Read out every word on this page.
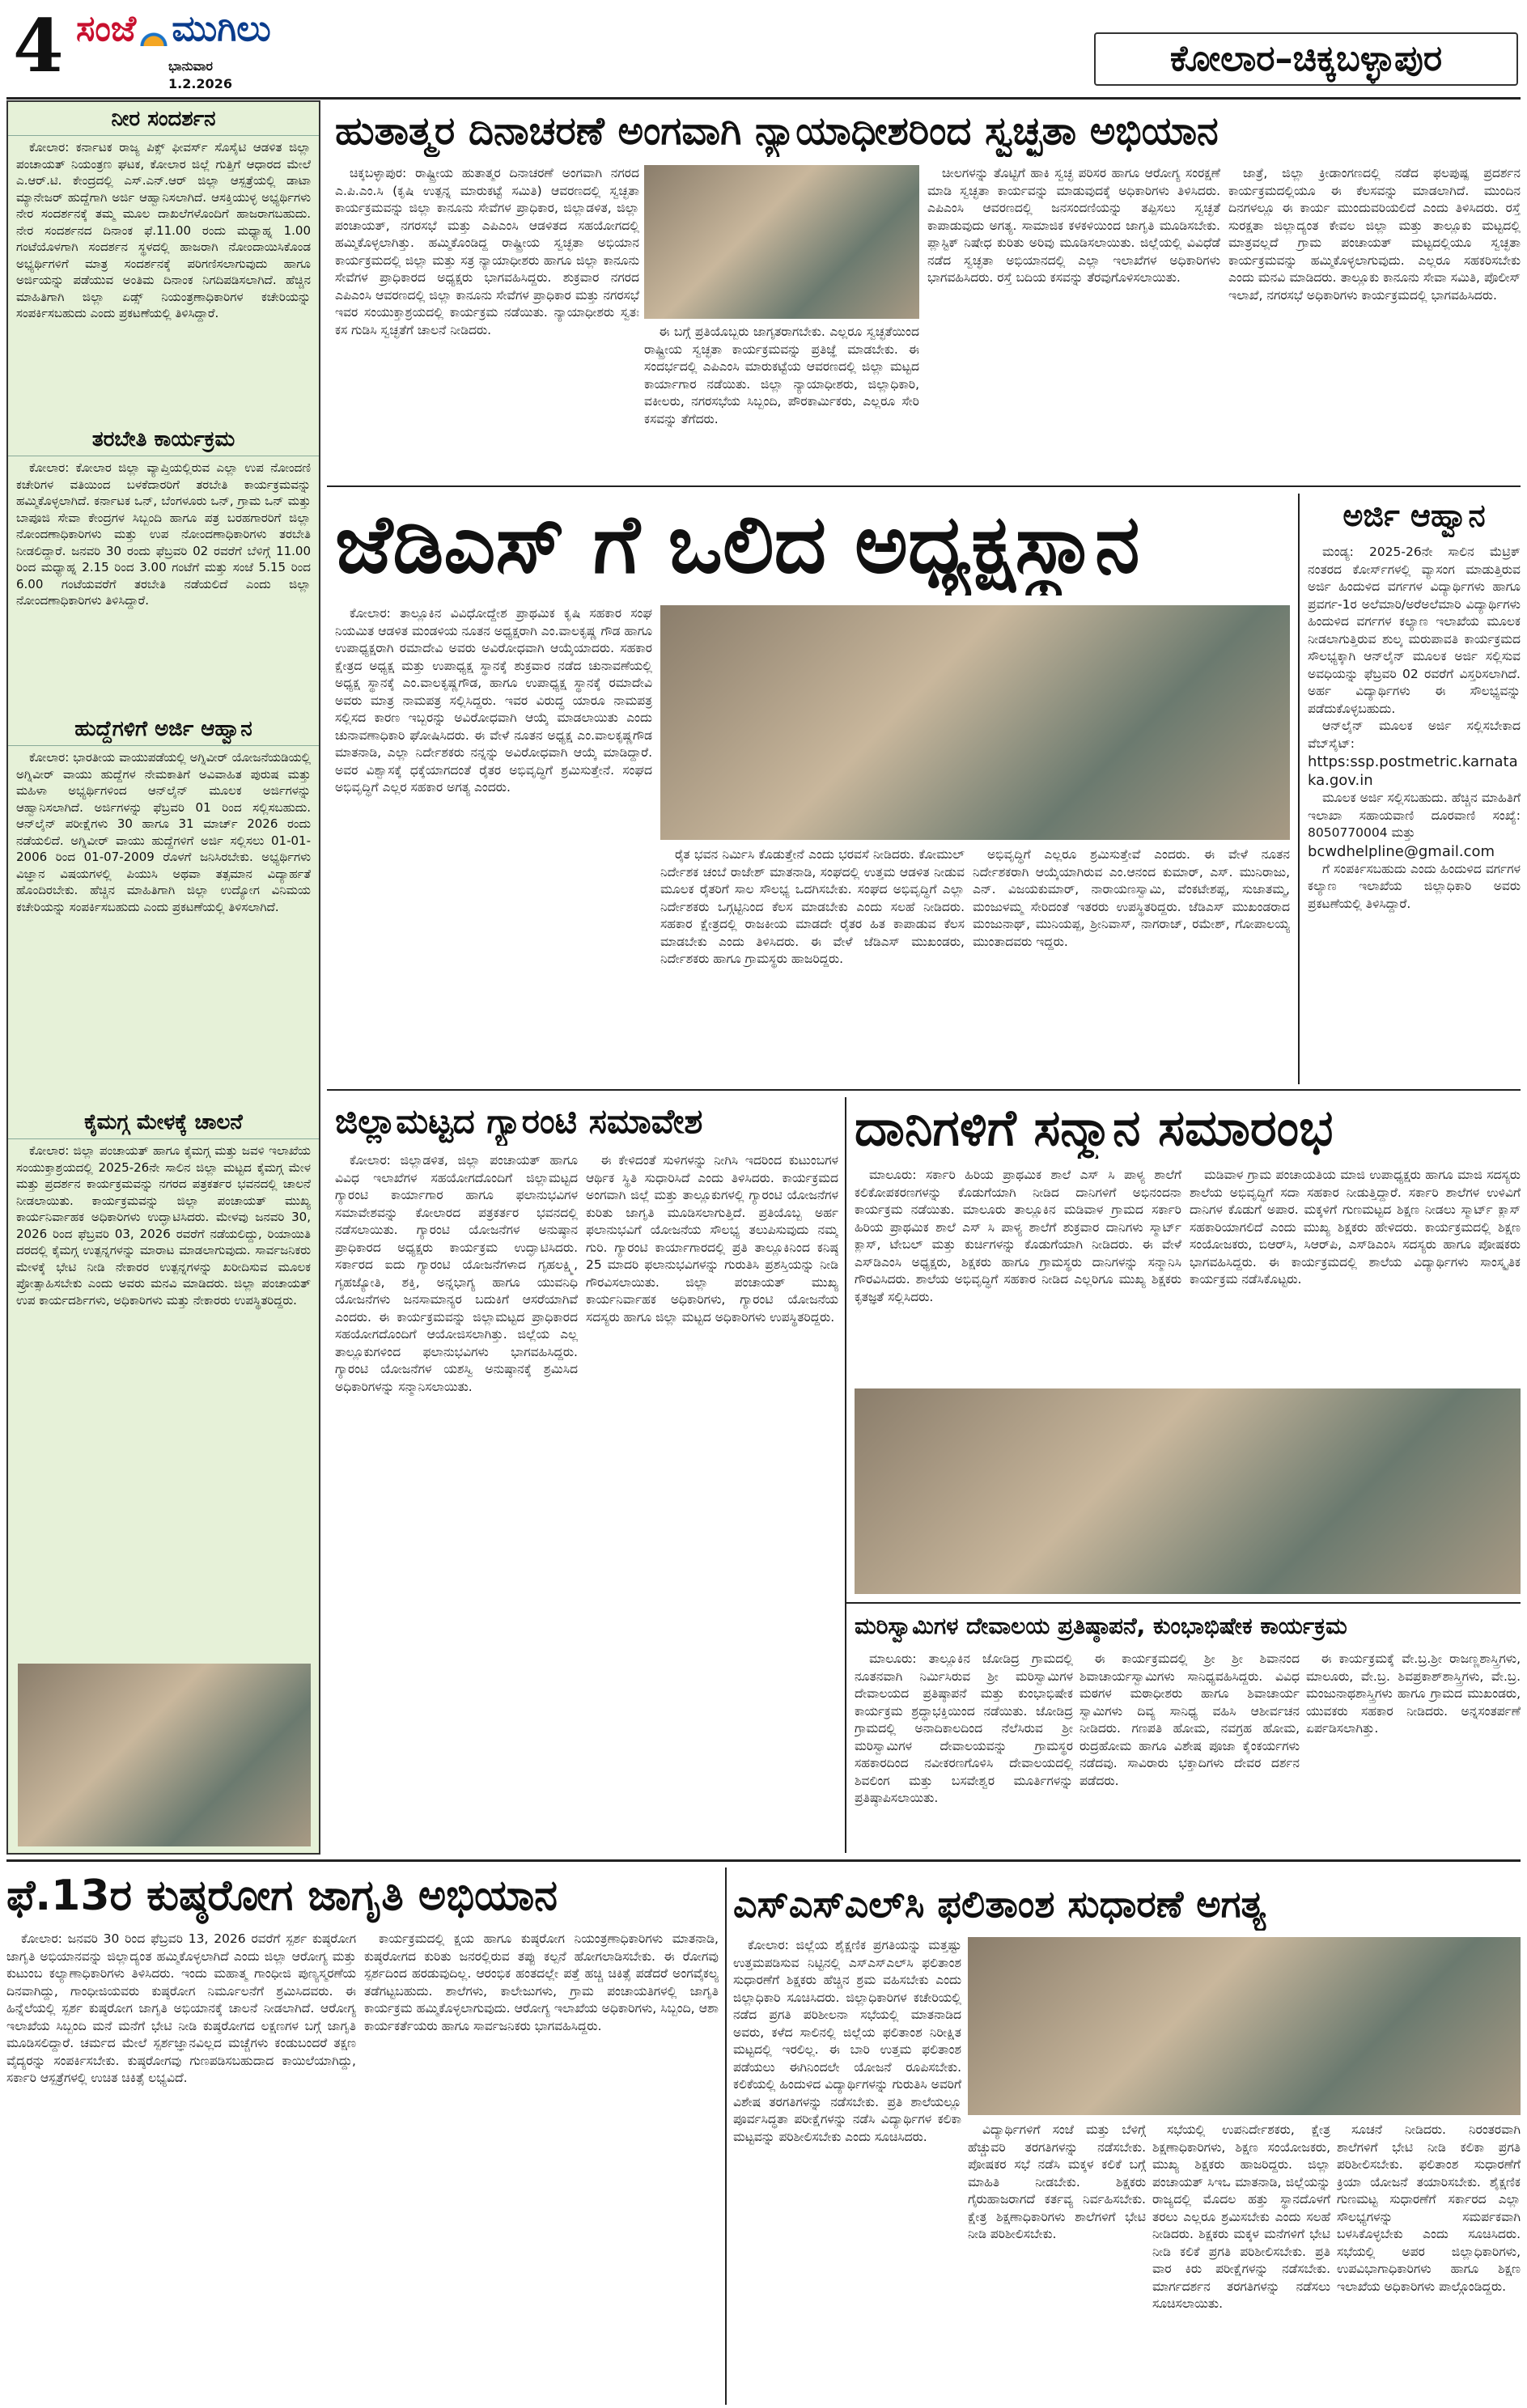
4 ಸಂಜೆ ಮುಗಿಲು
ಭಾನುವಾರ
1.2.2026
ಕೋಲಾರ–ಚಿಕ್ಕಬಳ್ಳಾಪುರ
ನೀರ ಸಂದರ್ಶನ

ಕೋಲಾರ: ಕರ್ನಾಟಕ ರಾಜ್ಯ ಪಿಕ್ಸ್ ಫೀವರ್ಸ್ ಸೊಸೈಟಿ ಆಡಳಿತ ಜಿಲ್ಲಾ ಪಂಚಾಯತ್ ನಿಯಂತ್ರಣ ಘಟಕ, ಕೋಲಾರ ಜಿಲ್ಲೆ ಗುತ್ತಿಗೆ ಆಧಾರದ ಮೇಲೆ ಎ.ಆರ್.ಟಿ. ಕೇಂದ್ರದಲ್ಲಿ ಎಸ್.ಎನ್.ಆರ್ ಜಿಲ್ಲಾ ಆಸ್ಪತ್ರೆಯಲ್ಲಿ ಡಾಟಾ ಮ್ಯಾನೇಜರ್ ಹುದ್ದೆಗಾಗಿ ಅರ್ಜಿ ಆಹ್ವಾನಿಸಲಾಗಿದೆ. ಆಸಕ್ತಿಯುಳ್ಳ ಅಭ್ಯರ್ಥಿಗಳು ನೇರ ಸಂದರ್ಶನಕ್ಕೆ ತಮ್ಮ ಮೂಲ ದಾಖಲೆಗಳೊಂದಿಗೆ ಹಾಜರಾಗಬಹುದು. ನೇರ ಸಂದರ್ಶನದ ದಿನಾಂಕ ಫೆ.11.00 ರಂದು ಮಧ್ಯಾಹ್ನ 1.00 ಗಂಟೆಯೊಳಗಾಗಿ ಸಂದರ್ಶನ ಸ್ಥಳದಲ್ಲಿ ಹಾಜರಾಗಿ ನೋಂದಾಯಿಸಿಕೊಂಡ ಅಭ್ಯರ್ಥಿಗಳಿಗೆ ಮಾತ್ರ ಸಂದರ್ಶನಕ್ಕೆ ಪರಿಗಣಿಸಲಾಗುವುದು ಹಾಗೂ ಅರ್ಜಿಯನ್ನು ಪಡೆಯುವ ಅಂತಿಮ ದಿನಾಂಕ ನಿಗದಿಪಡಿಸಲಾಗಿದೆ. ಹೆಚ್ಚಿನ ಮಾಹಿತಿಗಾಗಿ ಜಿಲ್ಲಾ ಏಡ್ಸ್ ನಿಯಂತ್ರಣಾಧಿಕಾರಿಗಳ ಕಚೇರಿಯನ್ನು ಸಂಪರ್ಕಿಸಬಹುದು ಎಂದು ಪ್ರಕಟಣೆಯಲ್ಲಿ ತಿಳಿಸಿದ್ದಾರೆ.

ತರಬೇತಿ ಕಾರ್ಯಕ್ರಮ

ಕೋಲಾರ: ಕೋಲಾರ ಜಿಲ್ಲಾ ವ್ಯಾಪ್ತಿಯಲ್ಲಿರುವ ಎಲ್ಲಾ ಉಪ ನೋಂದಣಿ ಕಚೇರಿಗಳ ವತಿಯಿಂದ ಬಳಕೆದಾರರಿಗೆ ತರಬೇತಿ ಕಾರ್ಯಕ್ರಮವನ್ನು ಹಮ್ಮಿಕೊಳ್ಳಲಾಗಿದೆ. ಕರ್ನಾಟಕ ಒನ್, ಬೆಂಗಳೂರು ಒನ್, ಗ್ರಾಮ ಒನ್ ಮತ್ತು ಬಾಪೂಜಿ ಸೇವಾ ಕೇಂದ್ರಗಳ ಸಿಬ್ಬಂದಿ ಹಾಗೂ ಪತ್ರ ಬರಹಗಾರರಿಗೆ ಜಿಲ್ಲಾ ನೋಂದಣಾಧಿಕಾರಿಗಳು ಮತ್ತು ಉಪ ನೋಂದಣಾಧಿಕಾರಿಗಳು ತರಬೇತಿ ನೀಡಲಿದ್ದಾರೆ. ಜನವರಿ 30 ರಂದು ಫೆಬ್ರವರಿ 02 ರವರೆಗೆ ಬೆಳಿಗ್ಗೆ 11.00 ರಿಂದ ಮಧ್ಯಾಹ್ನ 2.15 ರಿಂದ 3.00 ಗಂಟೆಗೆ ಮತ್ತು ಸಂಜೆ 5.15 ರಿಂದ 6.00 ಗಂಟೆಯವರೆಗೆ ತರಬೇತಿ ನಡೆಯಲಿದೆ ಎಂದು ಜಿಲ್ಲಾ ನೋಂದಣಾಧಿಕಾರಿಗಳು ತಿಳಿಸಿದ್ದಾರೆ.

ಹುದ್ದೆಗಳಿಗೆ ಅರ್ಜಿ ಆಹ್ವಾನ

ಕೋಲಾರ: ಭಾರತೀಯ ವಾಯುಪಡೆಯಲ್ಲಿ ಅಗ್ನಿವೀರ್ ಯೋಜನೆಯಡಿಯಲ್ಲಿ ಅಗ್ನಿವೀರ್ ವಾಯು ಹುದ್ದೆಗಳ ನೇಮಕಾತಿಗೆ ಅವಿವಾಹಿತ ಪುರುಷ ಮತ್ತು ಮಹಿಳಾ ಅಭ್ಯರ್ಥಿಗಳಿಂದ ಆನ್‌ಲೈನ್ ಮೂಲಕ ಅರ್ಜಿಗಳನ್ನು ಆಹ್ವಾನಿಸಲಾಗಿದೆ. ಅರ್ಜಿಗಳನ್ನು ಫೆಬ್ರವರಿ 01 ರಿಂದ ಸಲ್ಲಿಸಬಹುದು. ಆನ್‌ಲೈನ್ ಪರೀಕ್ಷೆಗಳು 30 ಹಾಗೂ 31 ಮಾರ್ಚ್ 2026 ರಂದು ನಡೆಯಲಿದೆ. ಅಗ್ನಿವೀರ್ ವಾಯು ಹುದ್ದೆಗಳಿಗೆ ಅರ್ಜಿ ಸಲ್ಲಿಸಲು 01-01-2006 ರಿಂದ 01-07-2009 ರೊಳಗೆ ಜನಿಸಿರಬೇಕು. ಅಭ್ಯರ್ಥಿಗಳು ವಿಜ್ಞಾನ ವಿಷಯಗಳಲ್ಲಿ ಪಿಯುಸಿ ಅಥವಾ ತತ್ಸಮಾನ ವಿದ್ಯಾರ್ಹತೆ ಹೊಂದಿರಬೇಕು. ಹೆಚ್ಚಿನ ಮಾಹಿತಿಗಾಗಿ ಜಿಲ್ಲಾ ಉದ್ಯೋಗ ವಿನಿಮಯ ಕಚೇರಿಯನ್ನು ಸಂಪರ್ಕಿಸಬಹುದು ಎಂದು ಪ್ರಕಟಣೆಯಲ್ಲಿ ತಿಳಿಸಲಾಗಿದೆ.

ಕೈಮಗ್ಗ ಮೇಳಕ್ಕೆ ಚಾಲನೆ

ಕೋಲಾರ: ಜಿಲ್ಲಾ ಪಂಚಾಯತ್ ಹಾಗೂ ಕೈಮಗ್ಗ ಮತ್ತು ಜವಳಿ ಇಲಾಖೆಯ ಸಂಯುಕ್ತಾಶ್ರಯದಲ್ಲಿ 2025-26ನೇ ಸಾಲಿನ ಜಿಲ್ಲಾ ಮಟ್ಟದ ಕೈಮಗ್ಗ ಮೇಳ ಮತ್ತು ಪ್ರದರ್ಶನ ಕಾರ್ಯಕ್ರಮವನ್ನು ನಗರದ ಪತ್ರಕರ್ತರ ಭವನದಲ್ಲಿ ಚಾಲನೆ ನೀಡಲಾಯಿತು. ಕಾರ್ಯಕ್ರಮವನ್ನು ಜಿಲ್ಲಾ ಪಂಚಾಯತ್ ಮುಖ್ಯ ಕಾರ್ಯನಿರ್ವಾಹಕ ಅಧಿಕಾರಿಗಳು ಉದ್ಘಾಟಿಸಿದರು. ಮೇಳವು ಜನವರಿ 30, 2026 ರಿಂದ ಫೆಬ್ರವರಿ 03, 2026 ರವರೆಗೆ ನಡೆಯಲಿದ್ದು, ರಿಯಾಯಿತಿ ದರದಲ್ಲಿ ಕೈಮಗ್ಗ ಉತ್ಪನ್ನಗಳನ್ನು ಮಾರಾಟ ಮಾಡಲಾಗುವುದು. ಸಾರ್ವಜನಿಕರು ಮೇಳಕ್ಕೆ ಭೇಟಿ ನೀಡಿ ನೇಕಾರರ ಉತ್ಪನ್ನಗಳನ್ನು ಖರೀದಿಸುವ ಮೂಲಕ ಪ್ರೋತ್ಸಾಹಿಸಬೇಕು ಎಂದು ಅವರು ಮನವಿ ಮಾಡಿದರು. ಜಿಲ್ಲಾ ಪಂಚಾಯತ್ ಉಪ ಕಾರ್ಯದರ್ಶಿಗಳು, ಅಧಿಕಾರಿಗಳು ಮತ್ತು ನೇಕಾರರು ಉಪಸ್ಥಿತರಿದ್ದರು.

ಹುತಾತ್ಮರ ದಿನಾಚರಣೆ ಅಂಗವಾಗಿ ನ್ಯಾಯಾಧೀಶರಿಂದ ಸ್ವಚ್ಛತಾ ಅಭಿಯಾನ

ಚಿಕ್ಕಬಳ್ಳಾಪುರ: ರಾಷ್ಟ್ರೀಯ ಹುತಾತ್ಮರ ದಿನಾಚರಣೆ ಅಂಗವಾಗಿ ನಗರದ ಎ.ಪಿ.ಎಂ.ಸಿ (ಕೃಷಿ ಉತ್ಪನ್ನ ಮಾರುಕಟ್ಟೆ ಸಮಿತಿ) ಆವರಣದಲ್ಲಿ ಸ್ವಚ್ಛತಾ ಕಾರ್ಯಕ್ರಮವನ್ನು ಜಿಲ್ಲಾ ಕಾನೂನು ಸೇವೆಗಳ ಪ್ರಾಧಿಕಾರ, ಜಿಲ್ಲಾಡಳಿತ, ಜಿಲ್ಲಾ ಪಂಚಾಯತ್, ನಗರಸಭೆ ಮತ್ತು ಎಪಿಎಂಸಿ ಆಡಳಿತದ ಸಹಯೋಗದಲ್ಲಿ ಹಮ್ಮಿಕೊಳ್ಳಲಾಗಿತ್ತು. ಹಮ್ಮಿಕೊಂಡಿದ್ದ ರಾಷ್ಟ್ರೀಯ ಸ್ವಚ್ಛತಾ ಅಭಿಯಾನ ಕಾರ್ಯಕ್ರಮದಲ್ಲಿ ಜಿಲ್ಲಾ ಮತ್ತು ಸತ್ರ ನ್ಯಾಯಾಧೀಶರು ಹಾಗೂ ಜಿಲ್ಲಾ ಕಾನೂನು ಸೇವೆಗಳ ಪ್ರಾಧಿಕಾರದ ಅಧ್ಯಕ್ಷರು ಭಾಗವಹಿಸಿದ್ದರು. ಶುಕ್ರವಾರ ನಗರದ ಎಪಿಎಂಸಿ ಆವರಣದಲ್ಲಿ ಜಿಲ್ಲಾ ಕಾನೂನು ಸೇವೆಗಳ ಪ್ರಾಧಿಕಾರ ಮತ್ತು ನಗರಸಭೆ ಇವರ ಸಂಯುಕ್ತಾಶ್ರಯದಲ್ಲಿ ಕಾರ್ಯಕ್ರಮ ನಡೆಯಿತು. ನ್ಯಾಯಾಧೀಶರು ಸ್ವತಃ ಕಸ ಗುಡಿಸಿ ಸ್ವಚ್ಛತೆಗೆ ಚಾಲನೆ ನೀಡಿದರು.	ಈ ಬಗ್ಗೆ ಪ್ರತಿಯೊಬ್ಬರು ಜಾಗೃತರಾಗಬೇಕು. ಎಲ್ಲರೂ ಸ್ವಚ್ಛತೆಯಿಂದ ರಾಷ್ಟ್ರೀಯ ಸ್ವಚ್ಛತಾ ಕಾರ್ಯಕ್ರಮವನ್ನು ಪ್ರತಿಜ್ಞೆ ಮಾಡಬೇಕು. ಈ ಸಂದರ್ಭದಲ್ಲಿ ಎಪಿಎಂಸಿ ಮಾರುಕಟ್ಟೆಯ ಆವರಣದಲ್ಲಿ ಜಿಲ್ಲಾ ಮಟ್ಟದ ಕಾರ್ಯಾಗಾರ ನಡೆಯಿತು. ಜಿಲ್ಲಾ ನ್ಯಾಯಾಧೀಶರು, ಜಿಲ್ಲಾಧಿಕಾರಿ, ವಕೀಲರು, ನಗರಸಭೆಯ ಸಿಬ್ಬಂದಿ, ಪೌರಕಾರ್ಮಿಕರು, ಎಲ್ಲರೂ ಸೇರಿ ಕಸವನ್ನು ತೆಗೆದರು.

ಚೀಲಗಳನ್ನು ತೊಟ್ಟಿಗೆ ಹಾಕಿ ಸ್ವಚ್ಛ ಪರಿಸರ ಹಾಗೂ ಆರೋಗ್ಯ ಸಂರಕ್ಷಣೆ ಮಾಡಿ ಸ್ವಚ್ಛತಾ ಕಾರ್ಯವನ್ನು ಮಾಡುವುದಕ್ಕೆ ಅಧಿಕಾರಿಗಳು ತಿಳಿಸಿದರು. ಎಪಿಎಂಸಿ ಆವರಣದಲ್ಲಿ ಜನಸಂದಣಿಯನ್ನು ತಪ್ಪಿಸಲು ಸ್ವಚ್ಛತೆ ಕಾಪಾಡುವುದು ಅಗತ್ಯ. ಸಾಮಾಜಿಕ ಕಳಕಳಿಯಿಂದ ಜಾಗೃತಿ ಮೂಡಿಸಬೇಕು. ಪ್ಲಾಸ್ಟಿಕ್ ನಿಷೇಧ ಕುರಿತು ಅರಿವು ಮೂಡಿಸಲಾಯಿತು. ಜಿಲ್ಲೆಯಲ್ಲಿ ವಿವಿಧೆಡೆ ನಡೆದ ಸ್ವಚ್ಛತಾ ಅಭಿಯಾನದಲ್ಲಿ ಎಲ್ಲಾ ಇಲಾಖೆಗಳ ಅಧಿಕಾರಿಗಳು ಭಾಗವಹಿಸಿದರು. ರಸ್ತೆ ಬದಿಯ ಕಸವನ್ನು ತೆರವುಗೊಳಿಸಲಾಯಿತು.

ಜಾತ್ರೆ, ಜಿಲ್ಲಾ ಕ್ರೀಡಾಂಗಣದಲ್ಲಿ ನಡೆದ ಫಲಪುಷ್ಪ ಪ್ರದರ್ಶನ ಕಾರ್ಯಕ್ರಮದಲ್ಲಿಯೂ ಈ ಕೆಲಸವನ್ನು ಮಾಡಲಾಗಿದೆ. ಮುಂದಿನ ದಿನಗಳಲ್ಲೂ ಈ ಕಾರ್ಯ ಮುಂದುವರಿಯಲಿದೆ ಎಂದು ತಿಳಿಸಿದರು. ರಸ್ತೆ ಸುರಕ್ಷತಾ ಜಿಲ್ಲಾದ್ಯಂತ ಕೇವಲ ಜಿಲ್ಲಾ ಮತ್ತು ತಾಲ್ಲೂಕು ಮಟ್ಟದಲ್ಲಿ ಮಾತ್ರವಲ್ಲದೆ ಗ್ರಾಮ ಪಂಚಾಯತ್ ಮಟ್ಟದಲ್ಲಿಯೂ ಸ್ವಚ್ಛತಾ ಕಾರ್ಯಕ್ರಮವನ್ನು ಹಮ್ಮಿಕೊಳ್ಳಲಾಗುವುದು. ಎಲ್ಲರೂ ಸಹಕರಿಸಬೇಕು ಎಂದು ಮನವಿ ಮಾಡಿದರು. ತಾಲ್ಲೂಕು ಕಾನೂನು ಸೇವಾ ಸಮಿತಿ, ಪೊಲೀಸ್ ಇಲಾಖೆ, ನಗರಸಭೆ ಅಧಿಕಾರಿಗಳು ಕಾರ್ಯಕ್ರಮದಲ್ಲಿ ಭಾಗವಹಿಸಿದರು.

ಜೆಡಿಎಸ್ ಗೆ ಒಲಿದ ಅಧ್ಯಕ್ಷಸ್ಥಾನ

ಕೋಲಾರ: ತಾಲ್ಲೂಕಿನ ವಿವಿಧೋದ್ದೇಶ ಪ್ರಾಥಮಿಕ ಕೃಷಿ ಸಹಕಾರ ಸಂಘ ನಿಯಮಿತ ಆಡಳಿತ ಮಂಡಳಿಯ ನೂತನ ಅಧ್ಯಕ್ಷರಾಗಿ ಎಂ.ವಾಲಕೃಷ್ಣ ಗೌಡ ಹಾಗೂ ಉಪಾಧ್ಯಕ್ಷರಾಗಿ ರಮಾದೇವಿ ಅವರು ಅವಿರೋಧವಾಗಿ ಆಯ್ಕೆಯಾದರು. ಸಹಕಾರ ಕ್ಷೇತ್ರದ ಅಧ್ಯಕ್ಷ ಮತ್ತು ಉಪಾಧ್ಯಕ್ಷ ಸ್ಥಾನಕ್ಕೆ ಶುಕ್ರವಾರ ನಡೆದ ಚುನಾವಣೆಯಲ್ಲಿ ಅಧ್ಯಕ್ಷ ಸ್ಥಾನಕ್ಕೆ ಎಂ.ವಾಲಕೃಷ್ಣಗೌಡ, ಹಾಗೂ ಉಪಾಧ್ಯಕ್ಷ ಸ್ಥಾನಕ್ಕೆ ರಮಾದೇವಿ ಅವರು ಮಾತ್ರ ನಾಮಪತ್ರ ಸಲ್ಲಿಸಿದ್ದರು. ಇವರ ವಿರುದ್ಧ ಯಾರೂ ನಾಮಪತ್ರ ಸಲ್ಲಿಸದ ಕಾರಣ ಇಬ್ಬರನ್ನು ಅವಿರೋಧವಾಗಿ ಆಯ್ಕೆ ಮಾಡಲಾಯಿತು ಎಂದು ಚುನಾವಣಾಧಿಕಾರಿ ಘೋಷಿಸಿದರು. ಈ ವೇಳೆ ನೂತನ ಅಧ್ಯಕ್ಷ ಎಂ.ವಾಲಕೃಷ್ಣಗೌಡ ಮಾತನಾಡಿ, ಎಲ್ಲಾ ನಿರ್ದೇಶಕರು ನನ್ನನ್ನು ಅವಿರೋಧವಾಗಿ ಆಯ್ಕೆ ಮಾಡಿದ್ದಾರೆ. ಅವರ ವಿಶ್ವಾಸಕ್ಕೆ ಧಕ್ಕೆಯಾಗದಂತೆ ರೈತರ ಅಭಿವೃದ್ಧಿಗೆ ಶ್ರಮಿಸುತ್ತೇನೆ. ಸಂಘದ ಅಭಿವೃದ್ಧಿಗೆ ಎಲ್ಲರ ಸಹಕಾರ ಅಗತ್ಯ ಎಂದರು.

ರೈತ ಭವನ ನಿರ್ಮಿಸಿ ಕೊಡುತ್ತೇನೆ ಎಂದು ಭರವಸೆ ನೀಡಿದರು. ಕೋಮುಲ್ ನಿರ್ದೇಶಕ ಚಂಬೆ ರಾಜೇಶ್ ಮಾತನಾಡಿ, ಸಂಘದಲ್ಲಿ ಉತ್ತಮ ಆಡಳಿತ ನೀಡುವ ಮೂಲಕ ರೈತರಿಗೆ ಸಾಲ ಸೌಲಭ್ಯ ಒದಗಿಸಬೇಕು. ಸಂಘದ ಅಭಿವೃದ್ಧಿಗೆ ಎಲ್ಲಾ ನಿರ್ದೇಶಕರು ಒಗ್ಗಟ್ಟಿನಿಂದ ಕೆಲಸ ಮಾಡಬೇಕು ಎಂದು ಸಲಹೆ ನೀಡಿದರು. ಸಹಕಾರ ಕ್ಷೇತ್ರದಲ್ಲಿ ರಾಜಕೀಯ ಮಾಡದೇ ರೈತರ ಹಿತ ಕಾಪಾಡುವ ಕೆಲಸ ಮಾಡಬೇಕು ಎಂದು ತಿಳಿಸಿದರು. ಈ ವೇಳೆ ಜೆಡಿಎಸ್ ಮುಖಂಡರು, ನಿರ್ದೇಶಕರು ಹಾಗೂ ಗ್ರಾಮಸ್ಥರು ಹಾಜರಿದ್ದರು.

ಅಭಿವೃದ್ಧಿಗೆ ಎಲ್ಲರೂ ಶ್ರಮಿಸುತ್ತೇವೆ ಎಂದರು. ಈ ವೇಳೆ ನೂತನ ನಿರ್ದೇಶಕರಾಗಿ ಆಯ್ಕೆಯಾಗಿರುವ ಎಂ.ಆನಂದ ಕುಮಾರ್, ಎಸ್. ಮುನಿರಾಜು, ಎನ್. ವಿಜಯಕುಮಾರ್, ನಾರಾಯಣಸ್ವಾಮಿ, ವೆಂಕಟೇಶಪ್ಪ, ಸುಜಾತಮ್ಮ, ಮಂಜುಳಮ್ಮ ಸೇರಿದಂತೆ ಇತರರು ಉಪಸ್ಥಿತರಿದ್ದರು. ಜೆಡಿಎಸ್ ಮುಖಂಡರಾದ ಮಂಜುನಾಥ್, ಮುನಿಯಪ್ಪ, ಶ್ರೀನಿವಾಸ್, ನಾಗರಾಜ್, ರಮೇಶ್, ಗೋಪಾಲಯ್ಯ ಮುಂತಾದವರು ಇದ್ದರು.

ಅರ್ಜಿ ಆಹ್ವಾನ

ಮಂಡ್ಯ: 2025-26ನೇ ಸಾಲಿನ ಮೆಟ್ರಿಕ್ ನಂತರದ ಕೋರ್ಸ್‌ಗಳಲ್ಲಿ ವ್ಯಾಸಂಗ ಮಾಡುತ್ತಿರುವ ಅರ್ಜಿ ಹಿಂದುಳಿದ ವರ್ಗಗಳ ವಿದ್ಯಾರ್ಥಿಗಳು ಹಾಗೂ ಪ್ರವರ್ಗ-1ರ ಅಲೆಮಾರಿ/ಅರೆಅಲೆಮಾರಿ ವಿದ್ಯಾರ್ಥಿಗಳು ಹಿಂದುಳಿದ ವರ್ಗಗಳ ಕಲ್ಯಾಣ ಇಲಾಖೆಯ ಮೂಲಕ ನೀಡಲಾಗುತ್ತಿರುವ ಶುಲ್ಕ ಮರುಪಾವತಿ ಕಾರ್ಯಕ್ರಮದ ಸೌಲಭ್ಯಕ್ಕಾಗಿ ಆನ್‌ಲೈನ್ ಮೂಲಕ ಅರ್ಜಿ ಸಲ್ಲಿಸುವ ಅವಧಿಯನ್ನು ಫೆಬ್ರವರಿ 02 ರವರೆಗೆ ವಿಸ್ತರಿಸಲಾಗಿದೆ. ಅರ್ಹ ವಿದ್ಯಾರ್ಥಿಗಳು ಈ ಸೌಲಭ್ಯವನ್ನು ಪಡೆದುಕೊಳ್ಳಬಹುದು.

ಆನ್‌ಲೈನ್ ಮೂಲಕ ಅರ್ಜಿ ಸಲ್ಲಿಸಬೇಕಾದ ವೆಬ್‌ಸೈಟ್:

https:ssp.postmetric.karnataka.gov.in

ಮೂಲಕ ಅರ್ಜಿ ಸಲ್ಲಿಸಬಹುದು. ಹೆಚ್ಚಿನ ಮಾಹಿತಿಗೆ ಇಲಾಖಾ ಸಹಾಯವಾಣಿ ದೂರವಾಣಿ ಸಂಖ್ಯೆ: 8050770004 ಮತ್ತು

bcwdhelpline@gmail.com

ಗೆ ಸಂಪರ್ಕಿಸಬಹುದು ಎಂದು ಹಿಂದುಳಿದ ವರ್ಗಗಳ ಕಲ್ಯಾಣ ಇಲಾಖೆಯ ಜಿಲ್ಲಾಧಿಕಾರಿ ಅವರು ಪ್ರಕಟಣೆಯಲ್ಲಿ ತಿಳಿಸಿದ್ದಾರೆ.

ಜಿಲ್ಲಾಮಟ್ಟದ ಗ್ಯಾರಂಟಿ ಸಮಾವೇಶ

ಕೋಲಾರ: ಜಿಲ್ಲಾಡಳಿತ, ಜಿಲ್ಲಾ ಪಂಚಾಯತ್ ಹಾಗೂ ವಿವಿಧ ಇಲಾಖೆಗಳ ಸಹಯೋಗದೊಂದಿಗೆ ಜಿಲ್ಲಾಮಟ್ಟದ ಗ್ಯಾರಂಟಿ ಕಾರ್ಯಾಗಾರ ಹಾಗೂ ಫಲಾನುಭವಿಗಳ ಸಮಾವೇಶವನ್ನು ಕೋಲಾರದ ಪತ್ರಕರ್ತರ ಭವನದಲ್ಲಿ ನಡೆಸಲಾಯಿತು. ಗ್ಯಾರಂಟಿ ಯೋಜನೆಗಳ ಅನುಷ್ಠಾನ ಪ್ರಾಧಿಕಾರದ ಅಧ್ಯಕ್ಷರು ಕಾರ್ಯಕ್ರಮ ಉದ್ಘಾಟಿಸಿದರು. ಸರ್ಕಾರದ ಐದು ಗ್ಯಾರಂಟಿ ಯೋಜನೆಗಳಾದ ಗೃಹಲಕ್ಷ್ಮಿ, ಗೃಹಜ್ಯೋತಿ, ಶಕ್ತಿ, ಅನ್ನಭಾಗ್ಯ ಹಾಗೂ ಯುವನಿಧಿ ಯೋಜನೆಗಳು ಜನಸಾಮಾನ್ಯರ ಬದುಕಿಗೆ ಆಸರೆಯಾಗಿವೆ ಎಂದರು. ಈ ಕಾರ್ಯಕ್ರಮವನ್ನು ಜಿಲ್ಲಾಮಟ್ಟದ ಪ್ರಾಧಿಕಾರದ ಸಹಯೋಗದೊಂದಿಗೆ ಆಯೋಜಿಸಲಾಗಿತ್ತು. ಜಿಲ್ಲೆಯ ಎಲ್ಲ ತಾಲ್ಲೂಕುಗಳಿಂದ ಫಲಾನುಭವಿಗಳು ಭಾಗವಹಿಸಿದ್ದರು. ಗ್ಯಾರಂಟಿ ಯೋಜನೆಗಳ ಯಶಸ್ವಿ ಅನುಷ್ಠಾನಕ್ಕೆ ಶ್ರಮಿಸಿದ ಅಧಿಕಾರಿಗಳನ್ನು ಸನ್ಮಾನಿಸಲಾಯಿತು.

ಈ ಕೇಳಿದಂತೆ ಸುಳಿಗಳನ್ನು ನೀಗಿಸಿ ಇದರಿಂದ ಕುಟುಂಬಗಳ ಆರ್ಥಿಕ ಸ್ಥಿತಿ ಸುಧಾರಿಸಿದೆ ಎಂದು ತಿಳಿಸಿದರು. ಕಾರ್ಯಕ್ರಮದ ಅಂಗವಾಗಿ ಜಿಲ್ಲೆ ಮತ್ತು ತಾಲ್ಲೂಕುಗಳಲ್ಲಿ ಗ್ಯಾರಂಟಿ ಯೋಜನೆಗಳ ಕುರಿತು ಜಾಗೃತಿ ಮೂಡಿಸಲಾಗುತ್ತಿದೆ. ಪ್ರತಿಯೊಬ್ಬ ಅರ್ಹ ಫಲಾನುಭವಿಗೆ ಯೋಜನೆಯ ಸೌಲಭ್ಯ ತಲುಪಿಸುವುದು ನಮ್ಮ ಗುರಿ. ಗ್ಯಾರಂಟಿ ಕಾರ್ಯಾಗಾರದಲ್ಲಿ ಪ್ರತಿ ತಾಲ್ಲೂಕಿನಿಂದ ಕನಿಷ್ಠ 25 ಮಾದರಿ ಫಲಾನುಭವಿಗಳನ್ನು ಗುರುತಿಸಿ ಪ್ರಶಸ್ತಿಯನ್ನು ನೀಡಿ ಗೌರವಿಸಲಾಯಿತು. ಜಿಲ್ಲಾ ಪಂಚಾಯತ್ ಮುಖ್ಯ ಕಾರ್ಯನಿರ್ವಾಹಕ ಅಧಿಕಾರಿಗಳು, ಗ್ಯಾರಂಟಿ ಯೋಜನೆಯ ಸದಸ್ಯರು ಹಾಗೂ ಜಿಲ್ಲಾ ಮಟ್ಟದ ಅಧಿಕಾರಿಗಳು ಉಪಸ್ಥಿತರಿದ್ದರು.

ದಾನಿಗಳಿಗೆ ಸನ್ಮಾನ ಸಮಾರಂಭ

ಮಾಲೂರು: ಸರ್ಕಾರಿ ಹಿರಿಯ ಪ್ರಾಥಮಿಕ ಶಾಲೆ ಎಸ್ ಸಿ ಪಾಳ್ಯ ಶಾಲೆಗೆ ಕಲಿಕೋಪಕರಣಗಳನ್ನು ಕೊಡುಗೆಯಾಗಿ ನೀಡಿದ ದಾನಿಗಳಿಗೆ ಅಭಿನಂದನಾ ಕಾರ್ಯಕ್ರಮ ನಡೆಯಿತು. ಮಾಲೂರು ತಾಲ್ಲೂಕಿನ ಮಡಿವಾಳ ಗ್ರಾಮದ ಸರ್ಕಾರಿ ಹಿರಿಯ ಪ್ರಾಥಮಿಕ ಶಾಲೆ ಎಸ್ ಸಿ ಪಾಳ್ಯ ಶಾಲೆಗೆ ಶುಕ್ರವಾರ ದಾನಿಗಳು ಸ್ಮಾರ್ಟ್ ಕ್ಲಾಸ್, ಟೇಬಲ್ ಮತ್ತು ಕುರ್ಚಿಗಳನ್ನು ಕೊಡುಗೆಯಾಗಿ ನೀಡಿದರು. ಈ ವೇಳೆ ಎಸ್‌ಡಿಎಂಸಿ ಅಧ್ಯಕ್ಷರು, ಶಿಕ್ಷಕರು ಹಾಗೂ ಗ್ರಾಮಸ್ಥರು ದಾನಿಗಳನ್ನು ಸನ್ಮಾನಿಸಿ ಗೌರವಿಸಿದರು. ಶಾಲೆಯ ಅಭಿವೃದ್ಧಿಗೆ ಸಹಕಾರ ನೀಡಿದ ಎಲ್ಲರಿಗೂ ಮುಖ್ಯ ಶಿಕ್ಷಕರು ಕೃತಜ್ಞತೆ ಸಲ್ಲಿಸಿದರು.

ಮಡಿವಾಳ ಗ್ರಾಮ ಪಂಚಾಯತಿಯ ಮಾಜಿ ಉಪಾಧ್ಯಕ್ಷರು ಹಾಗೂ ಮಾಜಿ ಸದಸ್ಯರು ಶಾಲೆಯ ಅಭಿವೃದ್ಧಿಗೆ ಸದಾ ಸಹಕಾರ ನೀಡುತ್ತಿದ್ದಾರೆ. ಸರ್ಕಾರಿ ಶಾಲೆಗಳ ಉಳಿವಿಗೆ ದಾನಿಗಳ ಕೊಡುಗೆ ಅಪಾರ. ಮಕ್ಕಳಿಗೆ ಗುಣಮಟ್ಟದ ಶಿಕ್ಷಣ ನೀಡಲು ಸ್ಮಾರ್ಟ್ ಕ್ಲಾಸ್ ಸಹಕಾರಿಯಾಗಲಿದೆ ಎಂದು ಮುಖ್ಯ ಶಿಕ್ಷಕರು ಹೇಳಿದರು. ಕಾರ್ಯಕ್ರಮದಲ್ಲಿ ಶಿಕ್ಷಣ ಸಂಯೋಜಕರು, ಬಿಆರ್‌ಸಿ, ಸಿಆರ್‌ಪಿ, ಎಸ್‌ಡಿಎಂಸಿ ಸದಸ್ಯರು ಹಾಗೂ ಪೋಷಕರು ಭಾಗವಹಿಸಿದ್ದರು. ಈ ಕಾರ್ಯಕ್ರಮದಲ್ಲಿ ಶಾಲೆಯ ವಿದ್ಯಾರ್ಥಿಗಳು ಸಾಂಸ್ಕೃತಿಕ ಕಾರ್ಯಕ್ರಮ ನಡೆಸಿಕೊಟ್ಟರು.

ಮರಿಸ್ವಾಮಿಗಳ ದೇವಾಲಯ ಪ್ರತಿಷ್ಠಾಪನೆ, ಕುಂಭಾಭಿಷೇಕ ಕಾರ್ಯಕ್ರಮ

ಮಾಲೂರು: ತಾಲ್ಲೂಕಿನ ಜೋಡಿದ್ರ ಗ್ರಾಮದಲ್ಲಿ ನೂತನವಾಗಿ ನಿರ್ಮಿಸಿರುವ ಶ್ರೀ ಮರಿಸ್ವಾಮಿಗಳ ದೇವಾಲಯದ ಪ್ರತಿಷ್ಠಾಪನೆ ಮತ್ತು ಕುಂಭಾಭಿಷೇಕ ಕಾರ್ಯಕ್ರಮ ಶ್ರದ್ಧಾಭಕ್ತಿಯಿಂದ ನಡೆಯಿತು. ಜೋಡಿದ್ರ ಗ್ರಾಮದಲ್ಲಿ ಅನಾದಿಕಾಲದಿಂದ ನೆಲೆಸಿರುವ ಶ್ರೀ ಮರಿಸ್ವಾಮಿಗಳ ದೇವಾಲಯವನ್ನು ಗ್ರಾಮಸ್ಥರ ಸಹಕಾರದಿಂದ ನವೀಕರಣಗೊಳಿಸಿ ದೇವಾಲಯದಲ್ಲಿ ಶಿವಲಿಂಗ ಮತ್ತು ಬಸವೇಶ್ವರ ಮೂರ್ತಿಗಳನ್ನು ಪ್ರತಿಷ್ಠಾಪಿಸಲಾಯಿತು.

ಈ ಕಾರ್ಯಕ್ರಮದಲ್ಲಿ ಶ್ರೀ ಶ್ರೀ ಶಿವಾನಂದ ಶಿವಾಚಾರ್ಯಸ್ವಾಮಿಗಳು ಸಾನಿಧ್ಯವಹಿಸಿದ್ದರು. ವಿವಿಧ ಮಠಗಳ ಮಠಾಧೀಶರು ಹಾಗೂ ಶಿವಾಚಾರ್ಯ ಸ್ವಾಮಿಗಳು ದಿವ್ಯ ಸಾನಿಧ್ಯ ವಹಿಸಿ ಆಶೀರ್ವಚನ ನೀಡಿದರು. ಗಣಪತಿ ಹೋಮ, ನವಗ್ರಹ ಹೋಮ, ರುದ್ರಹೋಮ ಹಾಗೂ ವಿಶೇಷ ಪೂಜಾ ಕೈಂಕರ್ಯಗಳು ನಡೆದವು. ಸಾವಿರಾರು ಭಕ್ತಾದಿಗಳು ದೇವರ ದರ್ಶನ ಪಡೆದರು.

ಈ ಕಾರ್ಯಕ್ರಮಕ್ಕೆ ವೇ.ಬ್ರ.ಶ್ರೀ ರಾಜಣ್ಣಶಾಸ್ತ್ರಿಗಳು, ಮಾಲೂರು, ವೇ.ಬ್ರ. ಶಿವಪ್ರಕಾಶ್‌ಶಾಸ್ತ್ರಿಗಳು, ವೇ.ಬ್ರ. ಮಂಜುನಾಥಶಾಸ್ತ್ರಿಗಳು ಹಾಗೂ ಗ್ರಾಮದ ಮುಖಂಡರು, ಯುವಕರು ಸಹಕಾರ ನೀಡಿದರು. ಅನ್ನಸಂತರ್ಪಣೆ ಏರ್ಪಡಿಸಲಾಗಿತ್ತು.

ಫೆ.13ರ ಕುಷ್ಠರೋಗ ಜಾಗೃತಿ ಅಭಿಯಾನ

ಕೋಲಾರ: ಜನವರಿ 30 ರಿಂದ ಫೆಬ್ರವರಿ 13, 2026 ರವರೆಗೆ ಸ್ಪರ್ಶ ಕುಷ್ಠರೋಗ ಜಾಗೃತಿ ಅಭಿಯಾನವನ್ನು ಜಿಲ್ಲಾದ್ಯಂತ ಹಮ್ಮಿಕೊಳ್ಳಲಾಗಿದೆ ಎಂದು ಜಿಲ್ಲಾ ಆರೋಗ್ಯ ಮತ್ತು ಕುಟುಂಬ ಕಲ್ಯಾಣಾಧಿಕಾರಿಗಳು ತಿಳಿಸಿದರು. ಇಂದು ಮಹಾತ್ಮ ಗಾಂಧೀಜಿ ಪುಣ್ಯಸ್ಮರಣೆಯ ದಿನವಾಗಿದ್ದು, ಗಾಂಧೀಜಿಯವರು ಕುಷ್ಠರೋಗ ನಿರ್ಮೂಲನೆಗೆ ಶ್ರಮಿಸಿದವರು. ಈ ಹಿನ್ನೆಲೆಯಲ್ಲಿ ಸ್ಪರ್ಶ ಕುಷ್ಠರೋಗ ಜಾಗೃತಿ ಅಭಿಯಾನಕ್ಕೆ ಚಾಲನೆ ನೀಡಲಾಗಿದೆ. ಆರೋಗ್ಯ ಇಲಾಖೆಯ ಸಿಬ್ಬಂದಿ ಮನೆ ಮನೆಗೆ ಭೇಟಿ ನೀಡಿ ಕುಷ್ಠರೋಗದ ಲಕ್ಷಣಗಳ ಬಗ್ಗೆ ಜಾಗೃತಿ ಮೂಡಿಸಲಿದ್ದಾರೆ. ಚರ್ಮದ ಮೇಲೆ ಸ್ಪರ್ಶಜ್ಞಾನವಿಲ್ಲದ ಮಚ್ಚೆಗಳು ಕಂಡುಬಂದರೆ ತಕ್ಷಣ ವೈದ್ಯರನ್ನು ಸಂಪರ್ಕಿಸಬೇಕು. ಕುಷ್ಠರೋಗವು ಗುಣಪಡಿಸಬಹುದಾದ ಕಾಯಿಲೆಯಾಗಿದ್ದು, ಸರ್ಕಾರಿ ಆಸ್ಪತ್ರೆಗಳಲ್ಲಿ ಉಚಿತ ಚಿಕಿತ್ಸೆ ಲಭ್ಯವಿದೆ.

ಕಾರ್ಯಕ್ರಮದಲ್ಲಿ ಕ್ಷಯ ಹಾಗೂ ಕುಷ್ಠರೋಗ ನಿಯಂತ್ರಣಾಧಿಕಾರಿಗಳು ಮಾತನಾಡಿ, ಕುಷ್ಠರೋಗದ ಕುರಿತು ಜನರಲ್ಲಿರುವ ತಪ್ಪು ಕಲ್ಪನೆ ಹೋಗಲಾಡಿಸಬೇಕು. ಈ ರೋಗವು ಸ್ಪರ್ಶದಿಂದ ಹರಡುವುದಿಲ್ಲ. ಆರಂಭಿಕ ಹಂತದಲ್ಲೇ ಪತ್ತೆ ಹಚ್ಚಿ ಚಿಕಿತ್ಸೆ ಪಡೆದರೆ ಅಂಗವೈಕಲ್ಯ ತಡೆಗಟ್ಟಬಹುದು. ಶಾಲೆಗಳು, ಕಾಲೇಜುಗಳು, ಗ್ರಾಮ ಪಂಚಾಯತಿಗಳಲ್ಲಿ ಜಾಗೃತಿ ಕಾರ್ಯಕ್ರಮ ಹಮ್ಮಿಕೊಳ್ಳಲಾಗುವುದು. ಆರೋಗ್ಯ ಇಲಾಖೆಯ ಅಧಿಕಾರಿಗಳು, ಸಿಬ್ಬಂದಿ, ಆಶಾ ಕಾರ್ಯಕರ್ತೆಯರು ಹಾಗೂ ಸಾರ್ವಜನಿಕರು ಭಾಗವಹಿಸಿದ್ದರು.

ಎಸ್‌ಎಸ್‌ಎಲ್‌ಸಿ ಫಲಿತಾಂಶ ಸುಧಾರಣೆ ಅಗತ್ಯ

ಕೋಲಾರ: ಜಿಲ್ಲೆಯ ಶೈಕ್ಷಣಿಕ ಪ್ರಗತಿಯನ್ನು ಮತ್ತಷ್ಟು ಉತ್ತಮಪಡಿಸುವ ನಿಟ್ಟಿನಲ್ಲಿ ಎಸ್‌ಎಸ್‌ಎಲ್‌ಸಿ ಫಲಿತಾಂಶ ಸುಧಾರಣೆಗೆ ಶಿಕ್ಷಕರು ಹೆಚ್ಚಿನ ಶ್ರಮ ವಹಿಸಬೇಕು ಎಂದು ಜಿಲ್ಲಾಧಿಕಾರಿ ಸೂಚಿಸಿದರು. ಜಿಲ್ಲಾಧಿಕಾರಿಗಳ ಕಚೇರಿಯಲ್ಲಿ ನಡೆದ ಪ್ರಗತಿ ಪರಿಶೀಲನಾ ಸಭೆಯಲ್ಲಿ ಮಾತನಾಡಿದ ಅವರು, ಕಳೆದ ಸಾಲಿನಲ್ಲಿ ಜಿಲ್ಲೆಯ ಫಲಿತಾಂಶ ನಿರೀಕ್ಷಿತ ಮಟ್ಟದಲ್ಲಿ ಇರಲಿಲ್ಲ. ಈ ಬಾರಿ ಉತ್ತಮ ಫಲಿತಾಂಶ ಪಡೆಯಲು ಈಗಿನಿಂದಲೇ ಯೋಜನೆ ರೂಪಿಸಬೇಕು. ಕಲಿಕೆಯಲ್ಲಿ ಹಿಂದುಳಿದ ವಿದ್ಯಾರ್ಥಿಗಳನ್ನು ಗುರುತಿಸಿ ಅವರಿಗೆ ವಿಶೇಷ ತರಗತಿಗಳನ್ನು ನಡೆಸಬೇಕು. ಪ್ರತಿ ಶಾಲೆಯಲ್ಲೂ ಪೂರ್ವಸಿದ್ಧತಾ ಪರೀಕ್ಷೆಗಳನ್ನು ನಡೆಸಿ ವಿದ್ಯಾರ್ಥಿಗಳ ಕಲಿಕಾ ಮಟ್ಟವನ್ನು ಪರಿಶೀಲಿಸಬೇಕು ಎಂದು ಸೂಚಿಸಿದರು.	ವಿದ್ಯಾರ್ಥಿಗಳಿಗೆ ಸಂಜೆ ಮತ್ತು ಬೆಳಿಗ್ಗೆ ಹೆಚ್ಚುವರಿ ತರಗತಿಗಳನ್ನು ನಡೆಸಬೇಕು. ಪೋಷಕರ ಸಭೆ ನಡೆಸಿ ಮಕ್ಕಳ ಕಲಿಕೆ ಬಗ್ಗೆ ಮಾಹಿತಿ ನೀಡಬೇಕು. ಶಿಕ್ಷಕರು ಗೈರುಹಾಜರಾಗದೆ ಕರ್ತವ್ಯ ನಿರ್ವಹಿಸಬೇಕು. ಕ್ಷೇತ್ರ ಶಿಕ್ಷಣಾಧಿಕಾರಿಗಳು ಶಾಲೆಗಳಿಗೆ ಭೇಟಿ ನೀಡಿ ಪರಿಶೀಲಿಸಬೇಕು.

ಸಭೆಯಲ್ಲಿ ಉಪನಿರ್ದೇಶಕರು, ಕ್ಷೇತ್ರ ಶಿಕ್ಷಣಾಧಿಕಾರಿಗಳು, ಶಿಕ್ಷಣ ಸಂಯೋಜಕರು, ಮುಖ್ಯ ಶಿಕ್ಷಕರು ಹಾಜರಿದ್ದರು. ಜಿಲ್ಲಾ ಪಂಚಾಯತ್ ಸಿಇಒ ಮಾತನಾಡಿ, ಜಿಲ್ಲೆಯನ್ನು ರಾಜ್ಯದಲ್ಲಿ ಮೊದಲ ಹತ್ತು ಸ್ಥಾನದೊಳಗೆ ತರಲು ಎಲ್ಲರೂ ಶ್ರಮಿಸಬೇಕು ಎಂದು ಸಲಹೆ ನೀಡಿದರು. ಶಿಕ್ಷಕರು ಮಕ್ಕಳ ಮನೆಗಳಿಗೆ ಭೇಟಿ ನೀಡಿ ಕಲಿಕೆ ಪ್ರಗತಿ ಪರಿಶೀಲಿಸಬೇಕು. ಪ್ರತಿ ವಾರ ಕಿರು ಪರೀಕ್ಷೆಗಳನ್ನು ನಡೆಸಬೇಕು. ಮಾರ್ಗದರ್ಶನ ತರಗತಿಗಳನ್ನು ನಡೆಸಲು ಸೂಚಿಸಲಾಯಿತು.

ಸೂಚನೆ ನೀಡಿದರು. ನಿರಂತರವಾಗಿ ಶಾಲೆಗಳಿಗೆ ಭೇಟಿ ನೀಡಿ ಕಲಿಕಾ ಪ್ರಗತಿ ಪರಿಶೀಲಿಸಬೇಕು. ಫಲಿತಾಂಶ ಸುಧಾರಣೆಗೆ ಕ್ರಿಯಾ ಯೋಜನೆ ತಯಾರಿಸಬೇಕು. ಶೈಕ್ಷಣಿಕ ಗುಣಮಟ್ಟ ಸುಧಾರಣೆಗೆ ಸರ್ಕಾರದ ಎಲ್ಲಾ ಸೌಲಭ್ಯಗಳನ್ನು ಸಮರ್ಪಕವಾಗಿ ಬಳಸಿಕೊಳ್ಳಬೇಕು ಎಂದು ಸೂಚಿಸಿದರು. ಸಭೆಯಲ್ಲಿ ಅಪರ ಜಿಲ್ಲಾಧಿಕಾರಿಗಳು, ಉಪವಿಭಾಗಾಧಿಕಾರಿಗಳು ಹಾಗೂ ಶಿಕ್ಷಣ ಇಲಾಖೆಯ ಅಧಿಕಾರಿಗಳು ಪಾಲ್ಗೊಂಡಿದ್ದರು.
